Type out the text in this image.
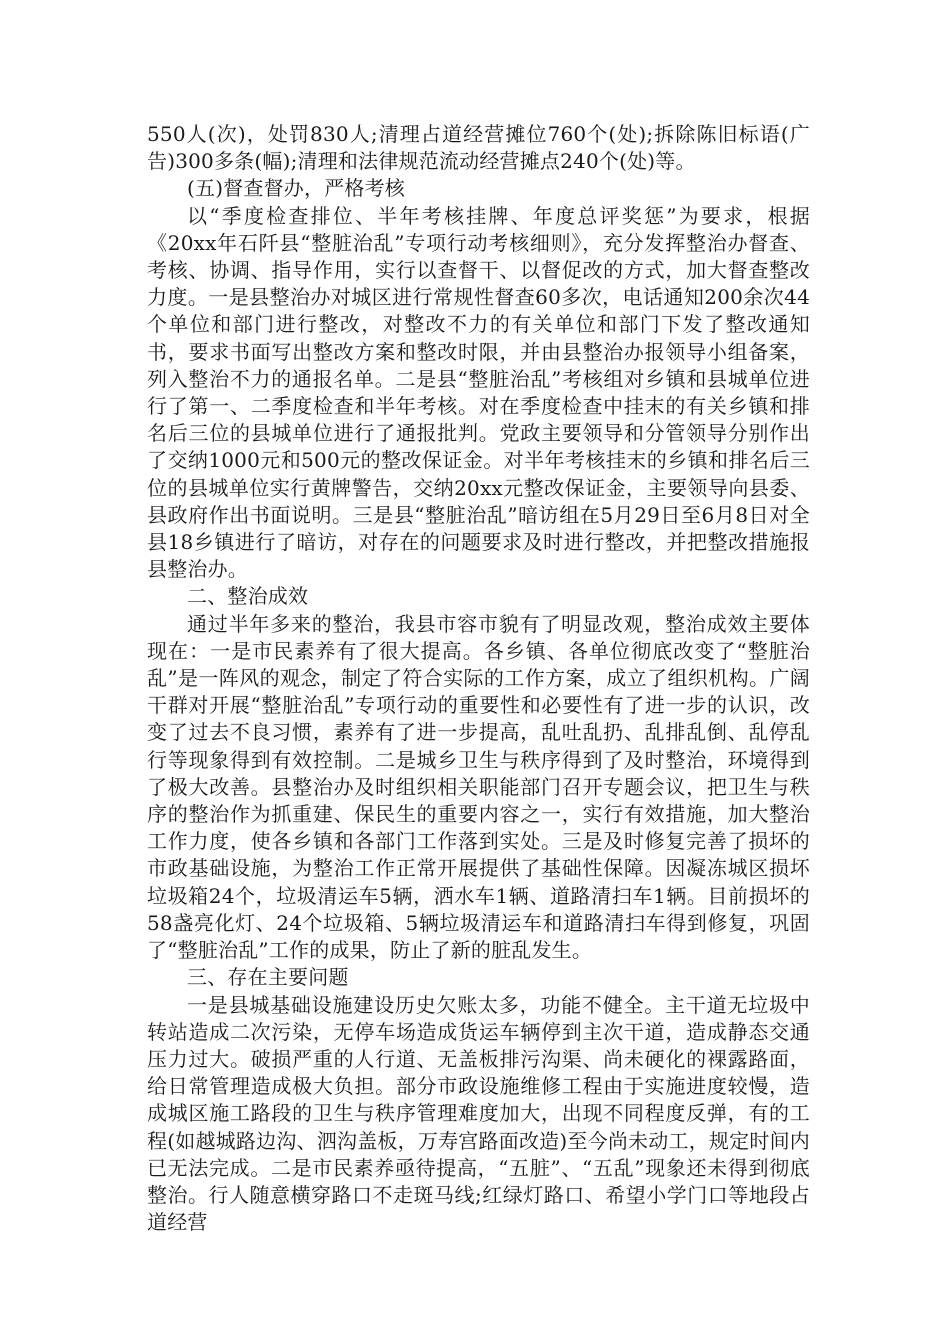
550人(次)，处罚830人;清理占道经营摊位760个(处);拆除陈旧标语(广告)300多条(幅);清理和法律规范流动经营摊点240个(处)等。

(五)督查督办，严格考核

以“季度检查排位、半年考核挂牌、年度总评奖惩”为要求，根据《20xx年石阡县“整脏治乱”专项行动考核细则》，充分发挥整治办督查、考核、协调、指导作用，实行以查督干、以督促改的方式，加大督查整改力度。一是县整治办对城区进行常规性督查60多次，电话通知200余次44个单位和部门进行整改，对整改不力的有关单位和部门下发了整改通知书，要求书面写出整改方案和整改时限，并由县整治办报领导小组备案，列入整治不力的通报名单。二是县“整脏治乱”考核组对乡镇和县城单位进行了第一、二季度检查和半年考核。对在季度检查中挂末的有关乡镇和排名后三位的县城单位进行了通报批判。党政主要领导和分管领导分别作出了交纳1000元和500元的整改保证金。对半年考核挂末的乡镇和排名后三位的县城单位实行黄牌警告，交纳20xx元整改保证金，主要领导向县委、县政府作出书面说明。三是县“整脏治乱”暗访组在5月29日至6月8日对全县18乡镇进行了暗访，对存在的问题要求及时进行整改，并把整改措施报县整治办。

二、整治成效

通过半年多来的整治，我县市容市貌有了明显改观，整治成效主要体现在：一是市民素养有了很大提高。各乡镇、各单位彻底改变了“整脏治乱”是一阵风的观念，制定了符合实际的工作方案，成立了组织机构。广阔干群对开展“整脏治乱”专项行动的重要性和必要性有了进一步的认识，改变了过去不良习惯，素养有了进一步提高，乱吐乱扔、乱排乱倒、乱停乱行等现象得到有效控制。二是城乡卫生与秩序得到了及时整治，环境得到了极大改善。县整治办及时组织相关职能部门召开专题会议，把卫生与秩序的整治作为抓重建、保民生的重要内容之一，实行有效措施，加大整治工作力度，使各乡镇和各部门工作落到实处。三是及时修复完善了损坏的市政基础设施，为整治工作正常开展提供了基础性保障。因凝冻城区损坏垃圾箱24个，垃圾清运车5辆，洒水车1辆、道路清扫车1辆。目前损坏的58盏亮化灯、24个垃圾箱、5辆垃圾清运车和道路清扫车得到修复，巩固了“整脏治乱”工作的成果，防止了新的脏乱发生。

三、存在主要问题

一是县城基础设施建设历史欠账太多，功能不健全。主干道无垃圾中转站造成二次污染，无停车场造成货运车辆停到主次干道，造成静态交通压力过大。破损严重的人行道、无盖板排污沟渠、尚未硬化的裸露路面，给日常管理造成极大负担。部分市政设施维修工程由于实施进度较慢，造成城区施工路段的卫生与秩序管理难度加大，出现不同程度反弹，有的工程(如越城路边沟、泗沟盖板，万寿宫路面改造)至今尚未动工，规定时间内已无法完成。二是市民素养亟待提高，“五脏”、“五乱”现象还未得到彻底整治。行人随意横穿路口不走斑马线;红绿灯路口、希望小学门口等地段占道经营
